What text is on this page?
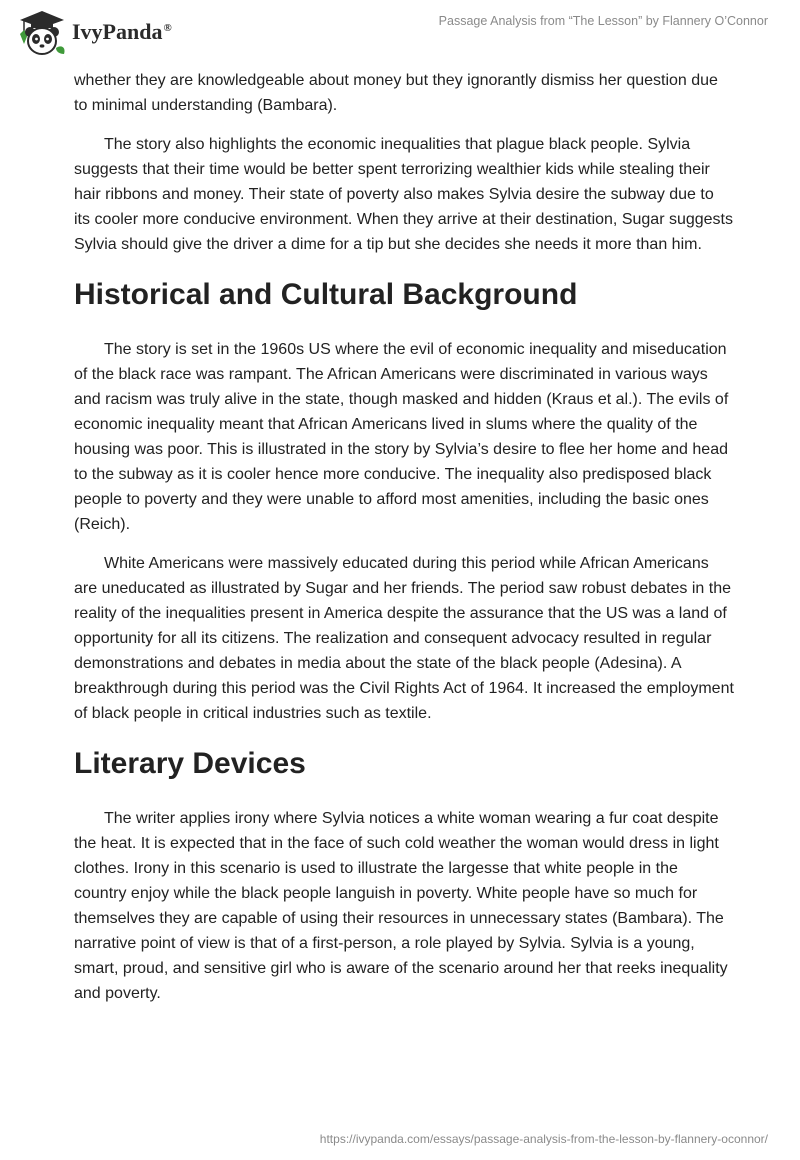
IvyPanda®	Passage Analysis from “The Lesson” by Flannery O’Connor

whether they are knowledgeable about money but they ignorantly dismiss her question due to minimal understanding (Bambara).

The story also highlights the economic inequalities that plague black people. Sylvia suggests that their time would be better spent terrorizing wealthier kids while stealing their hair ribbons and money. Their state of poverty also makes Sylvia desire the subway due to its cooler more conducive environment. When they arrive at their destination, Sugar suggests Sylvia should give the driver a dime for a tip but she decides she needs it more than him.

Historical and Cultural Background

The story is set in the 1960s US where the evil of economic inequality and miseducation of the black race was rampant. The African Americans were discriminated in various ways and racism was truly alive in the state, though masked and hidden (Kraus et al.). The evils of economic inequality meant that African Americans lived in slums where the quality of the housing was poor. This is illustrated in the story by Sylvia’s desire to flee her home and head to the subway as it is cooler hence more conducive. The inequality also predisposed black people to poverty and they were unable to afford most amenities, including the basic ones (Reich).

White Americans were massively educated during this period while African Americans are uneducated as illustrated by Sugar and her friends. The period saw robust debates in the reality of the inequalities present in America despite the assurance that the US was a land of opportunity for all its citizens. The realization and consequent advocacy resulted in regular demonstrations and debates in media about the state of the black people (Adesina). A breakthrough during this period was the Civil Rights Act of 1964. It increased the employment of black people in critical industries such as textile.

Literary Devices

The writer applies irony where Sylvia notices a white woman wearing a fur coat despite the heat. It is expected that in the face of such cold weather the woman would dress in light clothes. Irony in this scenario is used to illustrate the largesse that white people in the country enjoy while the black people languish in poverty. White people have so much for themselves they are capable of using their resources in unnecessary states (Bambara). The narrative point of view is that of a first-person, a role played by Sylvia. Sylvia is a young, smart, proud, and sensitive girl who is aware of the scenario around her that reeks inequality and poverty.

https://ivypanda.com/essays/passage-analysis-from-the-lesson-by-flannery-oconnor/
